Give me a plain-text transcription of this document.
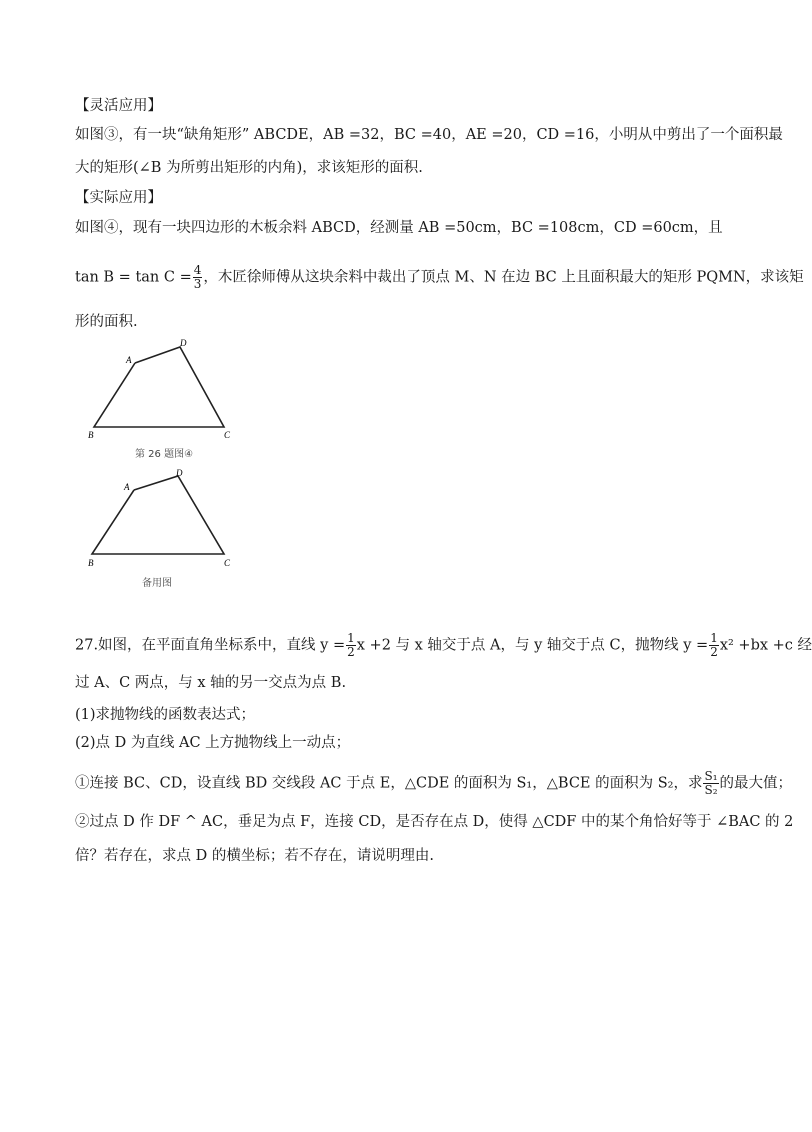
【灵活应用】
如图③，有一块“缺角矩形” ABCDE，AB =32，BC =40，AE =20，CD =16，小明从中剪出了一个面积最
大的矩形(∠B 为所剪出矩形的内角)，求该矩形的面积.
【实际应用】
如图④，现有一块四边形的木板余料 ABCD，经测量 AB =50cm，BC =108cm，CD =60cm，且
$\tan B = \tan C = \frac{4}{3}$ ，木匠徐师傅从这块余料中裁出了顶点 M、N 在边 BC 上且面积最大的矩形 PQMN，求该矩
形的面积.
A
B	C
D
第 26 题图④
A
B	C
D
备用图
27.如图，在平面直角坐标系中，直线 $y = \frac{1}{2}$ x +2 与 x 轴交于点 A，与 y 轴交于点 C，抛物线 $y = \frac{1}{2} x^2 +bx +c$ 经
过 A、C 两点，与 x 轴的另一交点为点 B.
(1)求抛物线的函数表达式；
(2)点 D 为直线 AC 上方抛物线上一动点；
①连接 BC、CD，设直线 BD 交线段 AC 于点 E，△CDE 的面积为 S₁，△BCE 的面积为 S₂，求 $\frac{\text{S₁}}{\text{S₂}}$ 的最大值；
②过点 D 作 DF ^ AC，垂足为点 F，连接 CD，是否存在点 D，使得 △CDF 中的某个角恰好等于 ∠BAC 的 2
倍？若存在，求点 D 的横坐标；若不存在，请说明理由.
